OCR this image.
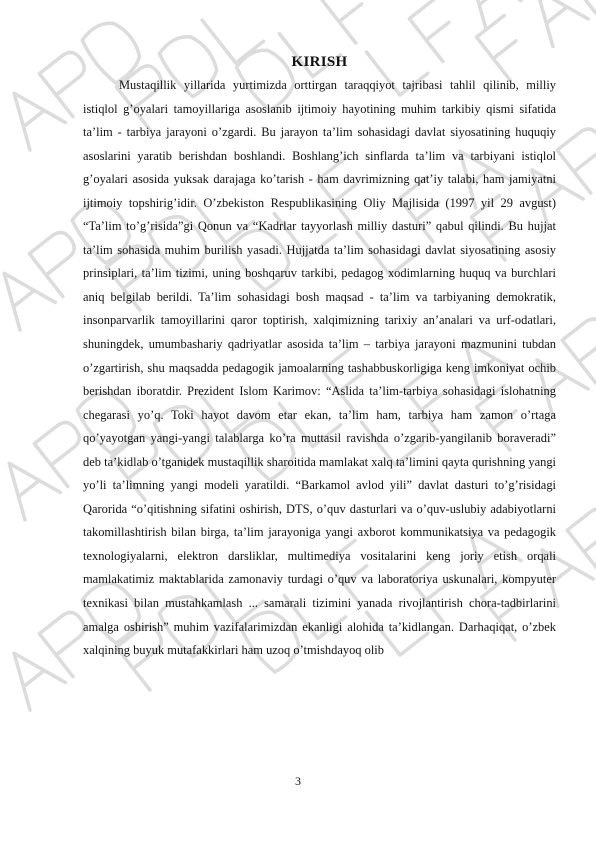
KIRISH

Mustaqillik yillarida yurtimizda orttirgan taraqqiyot tajribasi tahlil qilinib, milliy istiqlol g’oyalari tamoyillariga asoslanib ijtimoiy hayotining muhim tarkibiy qismi sifatida ta’lim - tarbiya jarayoni o’zgardi. Bu jarayon ta’lim sohasidagi davlat siyosatining huquqiy asoslarini yaratib berishdan boshlandi. Boshlang’ich sinflarda ta’lim va tarbiyani istiqlol g’oyalari asosida yuksak darajaga ko’tarish - ham davrimizning qat’iy talabi, ham jamiyatni ijtimoiy topshirig’idir. O’zbekiston Respublikasining Oliy Majlisida (1997 yil 29 avgust) “Ta’lim to’g’risida”gi Qonun va “Kadrlar tayyorlash milliy dasturi” qabul qilindi. Bu hujjat ta’lim sohasida muhim burilish yasadi. Hujjatda ta’lim sohasidagi davlat siyosatining asosiy prinsiplari, ta’lim tizimi, uning boshqaruv tarkibi, pedagog xodimlarning huquq va burchlari aniq belgilab berildi. Ta’lim sohasidagi bosh maqsad - ta’lim va tarbiyaning demokratik, insonparvarlik tamoyillarini qaror toptirish, xalqimizning tarixiy an’analari va urf-odatlari, shuningdek, umumbashariy qadriyatlar asosida ta’lim – tarbiya jarayoni mazmunini tubdan o’zgartirish, shu maqsadda pedagogik jamoalarning tashabbuskorligiga keng imkoniyat ochib berishdan iboratdir. Prezident Islom Karimov: “Aslida ta’lim-tarbiya sohasidagi islohatning chegarasi yo’q. Toki hayot davom etar ekan, ta’lim ham, tarbiya ham zamon o’rtaga qo’yayotgan yangi-yangi talablarga ko’ra muttasil ravishda o’zgarib-yangilanib boraveradi” deb ta’kidlab o’tganidek mustaqillik sharoitida mamlakat xalq ta’limini qayta qurishning yangi yo’li ta’limning yangi modeli yaratildi. “Barkamol avlod yili” davlat dasturi to’g’risidagi Qarorida “o’qitishning sifatini oshirish, DTS, o’quv dasturlari va o’quv-uslubiy adabiyotlarni takomillashtirish bilan birga, ta’lim jarayoniga yangi axborot kommunikatsiya va pedagogik texnologiyalarni, elektron darsliklar, multimediya vositalarini keng joriy etish orqali mamlakatimiz maktablarida zamonaviy turdagi o’quv va laboratoriya uskunalari, kompyuter texnikasi bilan mustahkamlash ... samarali tizimini yanada rivojlantirish chora-tadbirlarini amalga oshirish” muhim vazifalarimizdan ekanligi alohida ta’kidlangan. Darhaqiqat, o’zbek xalqining buyuk mutafakkirlari ham uzoq o’tmishdayoq olib

3
